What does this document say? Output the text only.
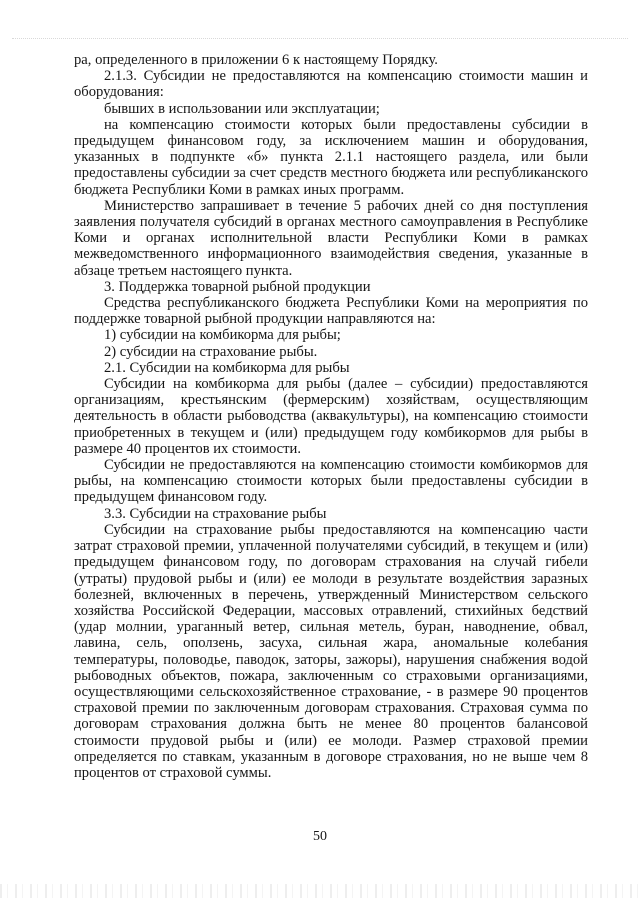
ра, определенного в приложении 6 к настоящему Порядку.

2.1.3. Субсидии не предоставляются на компенсацию стоимости машин и оборудования:

бывших в использовании или эксплуатации;

на компенсацию стоимости которых были предоставлены субсидии в предыдущем финансовом году, за исключением машин и оборудования, указанных в подпункте «б» пункта 2.1.1 настоящего раздела, или были предоставлены субсидии за счет средств местного бюджета или республиканского бюджета Республики Коми в рамках иных программ.

Министерство запрашивает в течение 5 рабочих дней со дня поступления заявления получателя субсидий в органах местного самоуправления в Республике Коми и органах исполнительной власти Республики Коми в рамках межведомственного информационного взаимодействия сведения, указанные в абзаце третьем настоящего пункта.

3. Поддержка товарной рыбной продукции

Средства республиканского бюджета Республики Коми на мероприятия по поддержке товарной рыбной продукции направляются на:

1) субсидии на комбикорма для рыбы;

2) субсидии на страхование рыбы.

2.1. Субсидии на комбикорма для рыбы

Субсидии на комбикорма для рыбы (далее – субсидии) предоставляются организациям, крестьянским (фермерским) хозяйствам, осуществляющим деятельность в области рыбоводства (аквакультуры), на компенсацию стоимости приобретенных в текущем и (или) предыдущем году комбикормов для рыбы в размере 40 процентов их стоимости.

Субсидии не предоставляются на компенсацию стоимости комбикормов для рыбы, на компенсацию стоимости которых были предоставлены субсидии в предыдущем финансовом году.

3.3. Субсидии на страхование рыбы

Субсидии на страхование рыбы предоставляются на компенсацию части затрат страховой премии, уплаченной получателями субсидий, в текущем и (или) предыдущем финансовом году, по договорам страхования на случай гибели (утраты) прудовой рыбы и (или) ее молоди в результате воздействия заразных болезней, включенных в перечень, утвержденный Министерством сельского хозяйства Российской Федерации, массовых отравлений, стихийных бедствий (удар молнии, ураганный ветер, сильная метель, буран, наводнение, обвал, лавина, сель, оползень, засуха, сильная жара, аномальные колебания температуры, половодье, паводок, заторы, зажоры), нарушения снабжения водой рыбоводных объектов, пожара, заключенным со страховыми организациями, осуществляющими сельскохозяйственное страхование, - в размере 90 процентов страховой премии по заключенным договорам страхования. Страховая сумма по договорам страхования должна быть не менее 80 процентов балансовой стоимости прудовой рыбы и (или) ее молоди. Размер страховой премии определяется по ставкам, указанным в договоре страхования, но не выше чем 8 процентов от страховой суммы.

50
